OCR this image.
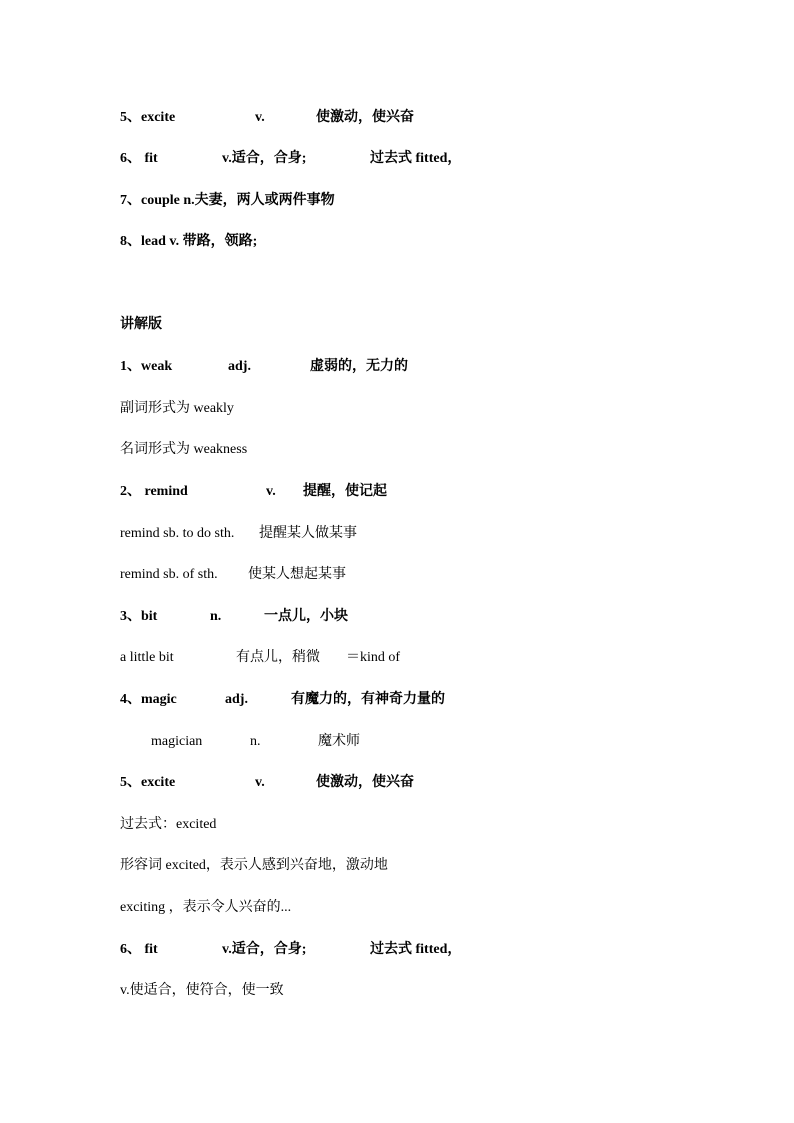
5、excite	v.	使激动，使兴奋
6、 fit	v.适合，合身;	过去式 fitted，
7、couple n.夫妻，两人或两件事物
8、lead v. 带路，领路;
讲解版
1、weak	adj.	虚弱的，无力的
副词形式为 weakly
名词形式为 weakness
2、 remind	v. 提醒，使记起
remind sb. to do sth. 提醒某人做某事
remind sb. of sth. 使某人想起某事
3、bit	n.	一点儿，小块
a little bit	有点儿，稍微 ＝kind of
4、magic	adj.	有魔力的，有神奇力量的
magician	n.	魔术师
5、excite	v.	使激动，使兴奋
过去式：excited
形容词 excited，表示人感到兴奋地，激动地
exciting ，表示令人兴奋的...
6、 fit	v.适合，合身;	过去式 fitted，
v.使适合，使符合，使一致
